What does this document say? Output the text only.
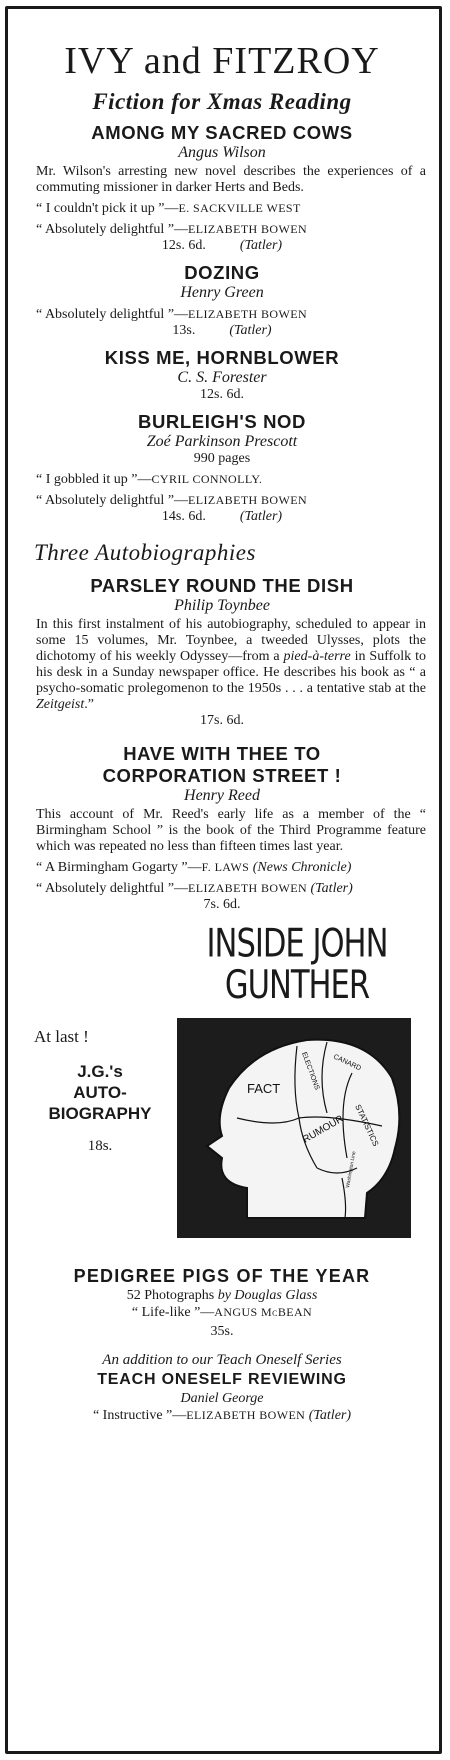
IVY and FITZROY
Fiction for Xmas Reading
AMONG MY SACRED COWS
Angus Wilson
Mr. Wilson's arresting new novel describes the experiences of a commuting missioner in darker Herts and Beds.
“ I couldn't pick it up ”—E. SACKVILLE WEST
“ Absolutely delightful ”—ELIZABETH BOWEN
12s. 6d. (Tatler)
DOZING
Henry Green
“ Absolutely delightful ”—ELIZABETH BOWEN
13s. (Tatler)
KISS ME, HORNBLOWER
C. S. Forester
12s. 6d.
BURLEIGH'S NOD
Zoé Parkinson Prescott
990 pages
“ I gobbled it up ”—CYRIL CONNOLLY.
“ Absolutely delightful ”—ELIZABETH BOWEN
14s. 6d. (Tatler)
Three Autobiographies
PARSLEY ROUND THE DISH
Philip Toynbee
In this first instalment of his autobiography, scheduled to appear in some 15 volumes, Mr. Toynbee, a tweeded Ulysses, plots the dichotomy of his weekly Odyssey—from a pied-à-terre in Suffolk to his desk in a Sunday newspaper office. He describes his book as “ a psycho-somatic prolegomenon to the 1950s . . . a tentative stab at the Zeitgeist.”
17s. 6d.
HAVE WITH THEE TO
CORPORATION STREET !
Henry Reed
This account of Mr. Reed's early life as a member of the “ Birmingham School ” is the book of the Third Programme feature which was repeated no less than fifteen times last year.
“ A Birmingham Gogarty ”—F. LAWS (News Chronicle)
“ Absolutely delightful ”—ELIZABETH BOWEN (Tatler)
7s. 6d.
INSIDE JOHN
GUNTHER
At last !
J.G.'s
AUTO-
BIOGRAPHY
18s.
FACT	ELECTIONS CANARD
RUMOUR STATISTICS
Washington Line
PEDIGREE PIGS OF THE YEAR
52 Photographs by Douglas Glass
“ Life-like ”—ANGUS McBEAN
35s.
An addition to our Teach Oneself Series
TEACH ONESELF REVIEWING
Daniel George
“ Instructive ”—ELIZABETH BOWEN (Tatler)
